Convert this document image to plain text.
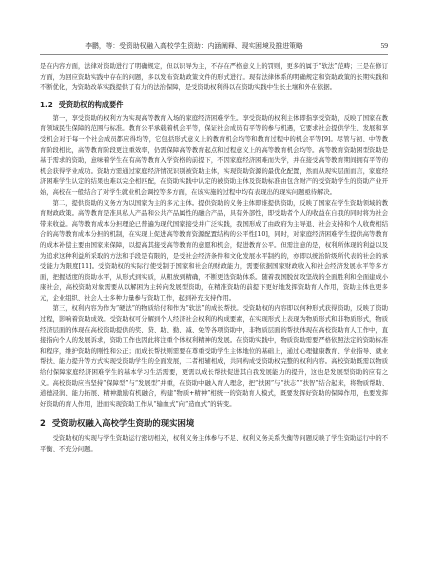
李鹏，等：受资助权融入高校学生资助：内涵阐释、现实困境及推进策略	59

是在内容方面，法律对资助进行了明确规定，但以识导为主，不存在严格意义上的罚则，更多的属于“软法”范畴；三是在修订方面，为回应资助实践中存在的问题，多以发布资助政策文件的形式进行。现有法律体系的明确规定和资助政策的长期实践和不断优化，为资助改革实践提供了有力的法治保障，是受资助权利得以在资助实践中生长土壤和外在依据。

1.2 受资助权的构成要件

第一，享受资助的权利方为实现高等教育入场的家庭经济困难学生。享受资助的权利主体即指享受资助，反映了国家在教育领域民生保障的范围与标准。教育公平承载着机会平等，保证社会成员有平等的参与机遇，它要求社会提供学生、发展和享受机会对于每一个社会成员都应得均等，它包括形式意义上的教育机会均等和教育过程中的机会平等[9]。尽管与初、中等教育阶段相比，高等教育阶段更注重效率，仍需保障高等教育起点和过程意义上的高等教育机会均等。高等教育资助困型资助是基于需求的资助，意味着学生在有高等教育入学资格的前提下，不因家庭经济困难而失学，并在接受高等教育期间拥有平等的机会获得学业成功。资助方需通过家庭经济情况识别被资助主体，实现资助资源的最优化配置，然而从现实层面而言，家庭经济困难学生认定的结果也难以完全相匹配，在资助实践中认定的被资助主体及资助标准由包含财产的受资助学生的资助产业开始，高校在一般结合了对学生就业机会调控等多方面，在该实施的过程中均有表现出的现实问题亟待解决。

第二，提供资助的义务方为以国家为主的多元主体。提供资助的义务主体即谁提供资助，反映了国家在学生资助领域的教育财政政策。高等教育是准具私人产品和公共产品属性的融合产品，具有外部性，即受助者个人的收益在自我的同时将为社会带来收益。高等教育成本分担理论已普遍为现代国家接受并广泛实践，我国形成了由政府为主导退、社会支持和个人收费相结合的高等教育成本分担的机制，在实现上促进高等教育资源配置结构的公平性[10]，同时，对家庭经济困难学生提供高等教育的成本补偿主要由国家来保障，以提高其接受高等教育的意愿和机会，促进教育公平。但需注意的是，权利所体现的利益以及为追求这种利益所采取的方法和手段是有限的，是受社会经济条件和文化发展水平制约的，亦即以统治阶级所代表的社会的承受能力为限度[11]。受资助权的实际行使受制于国家和社会的财政能力，需要依据国家财政收入和社会经济发展水平等多方面，把握适度的资助水平，从形式到实质，从粗放到精确，不断更迭资助体系。随着我国脱贫攻坚战的全面胜利和全面建成小康社会，高校资助对象需要从以解困为主转向发展型资助，在精准资助的前提下更好地发挥资助育人作用，资助主体也更多元，企业组织、社会人士多种力量参与资助工作，起到补充支持作用。

第三，权利内容为作为“硬法”的物质给付和作为“软法”的成长帮扶。受资助权的内容即以何种形式获得资助，反映了资助过程，影响着资助成效。受资助权可分解到个人经济社会权利的构成要素，在实现形式上表现为物质形式和非物质形式，物质经济层面的体现在高校资助提供的奖、贷、助、勤、减、免等各项资助中，非物质层面的帮扶体现在高校资助育人工作中，直接指向个人的发展诉求，资助工作也因此将注重个体权利精神的发展。在资助实践中，物质资助需要严格依照法定的资助标准和程序，维护资助的刚性和公正；而成长帮扶则需要在尊重受助学生主体地位的基础上，通过心理健康教育、学业指导、就业帮扶、能力提升等方式实现受资助学生的全面发展，二者相辅相成，共同构成受资助权完整的权利内容。高校资助既需以物质给付保障家庭经济困难学生的基本学习生活需要，更需以成长帮扶促进其自我发展能力的提升，这也是发展型资助的应有之义。高校资助应当坚持“保障型”与“发展型”并重，在资助中融入育人理念，把“扶困”与“扶志”“扶智”结合起来，将物质帮助、道德浸润、能力拓展、精神激励有机融合，构建“物质+精神”相统一的资助育人模式，既要发挥好资助的保障作用，也要发挥好资助的育人作用，进而实现资助工作从“输血式”向“造血式”的转变。

2 受资助权融入高校学生资助的现实困境

受资助权的实现与学生资助运行密切相关，权利义务主体参与不足、权利义务关系失衡等问题反映了学生资助运行中的不平衡、不充分问题。
